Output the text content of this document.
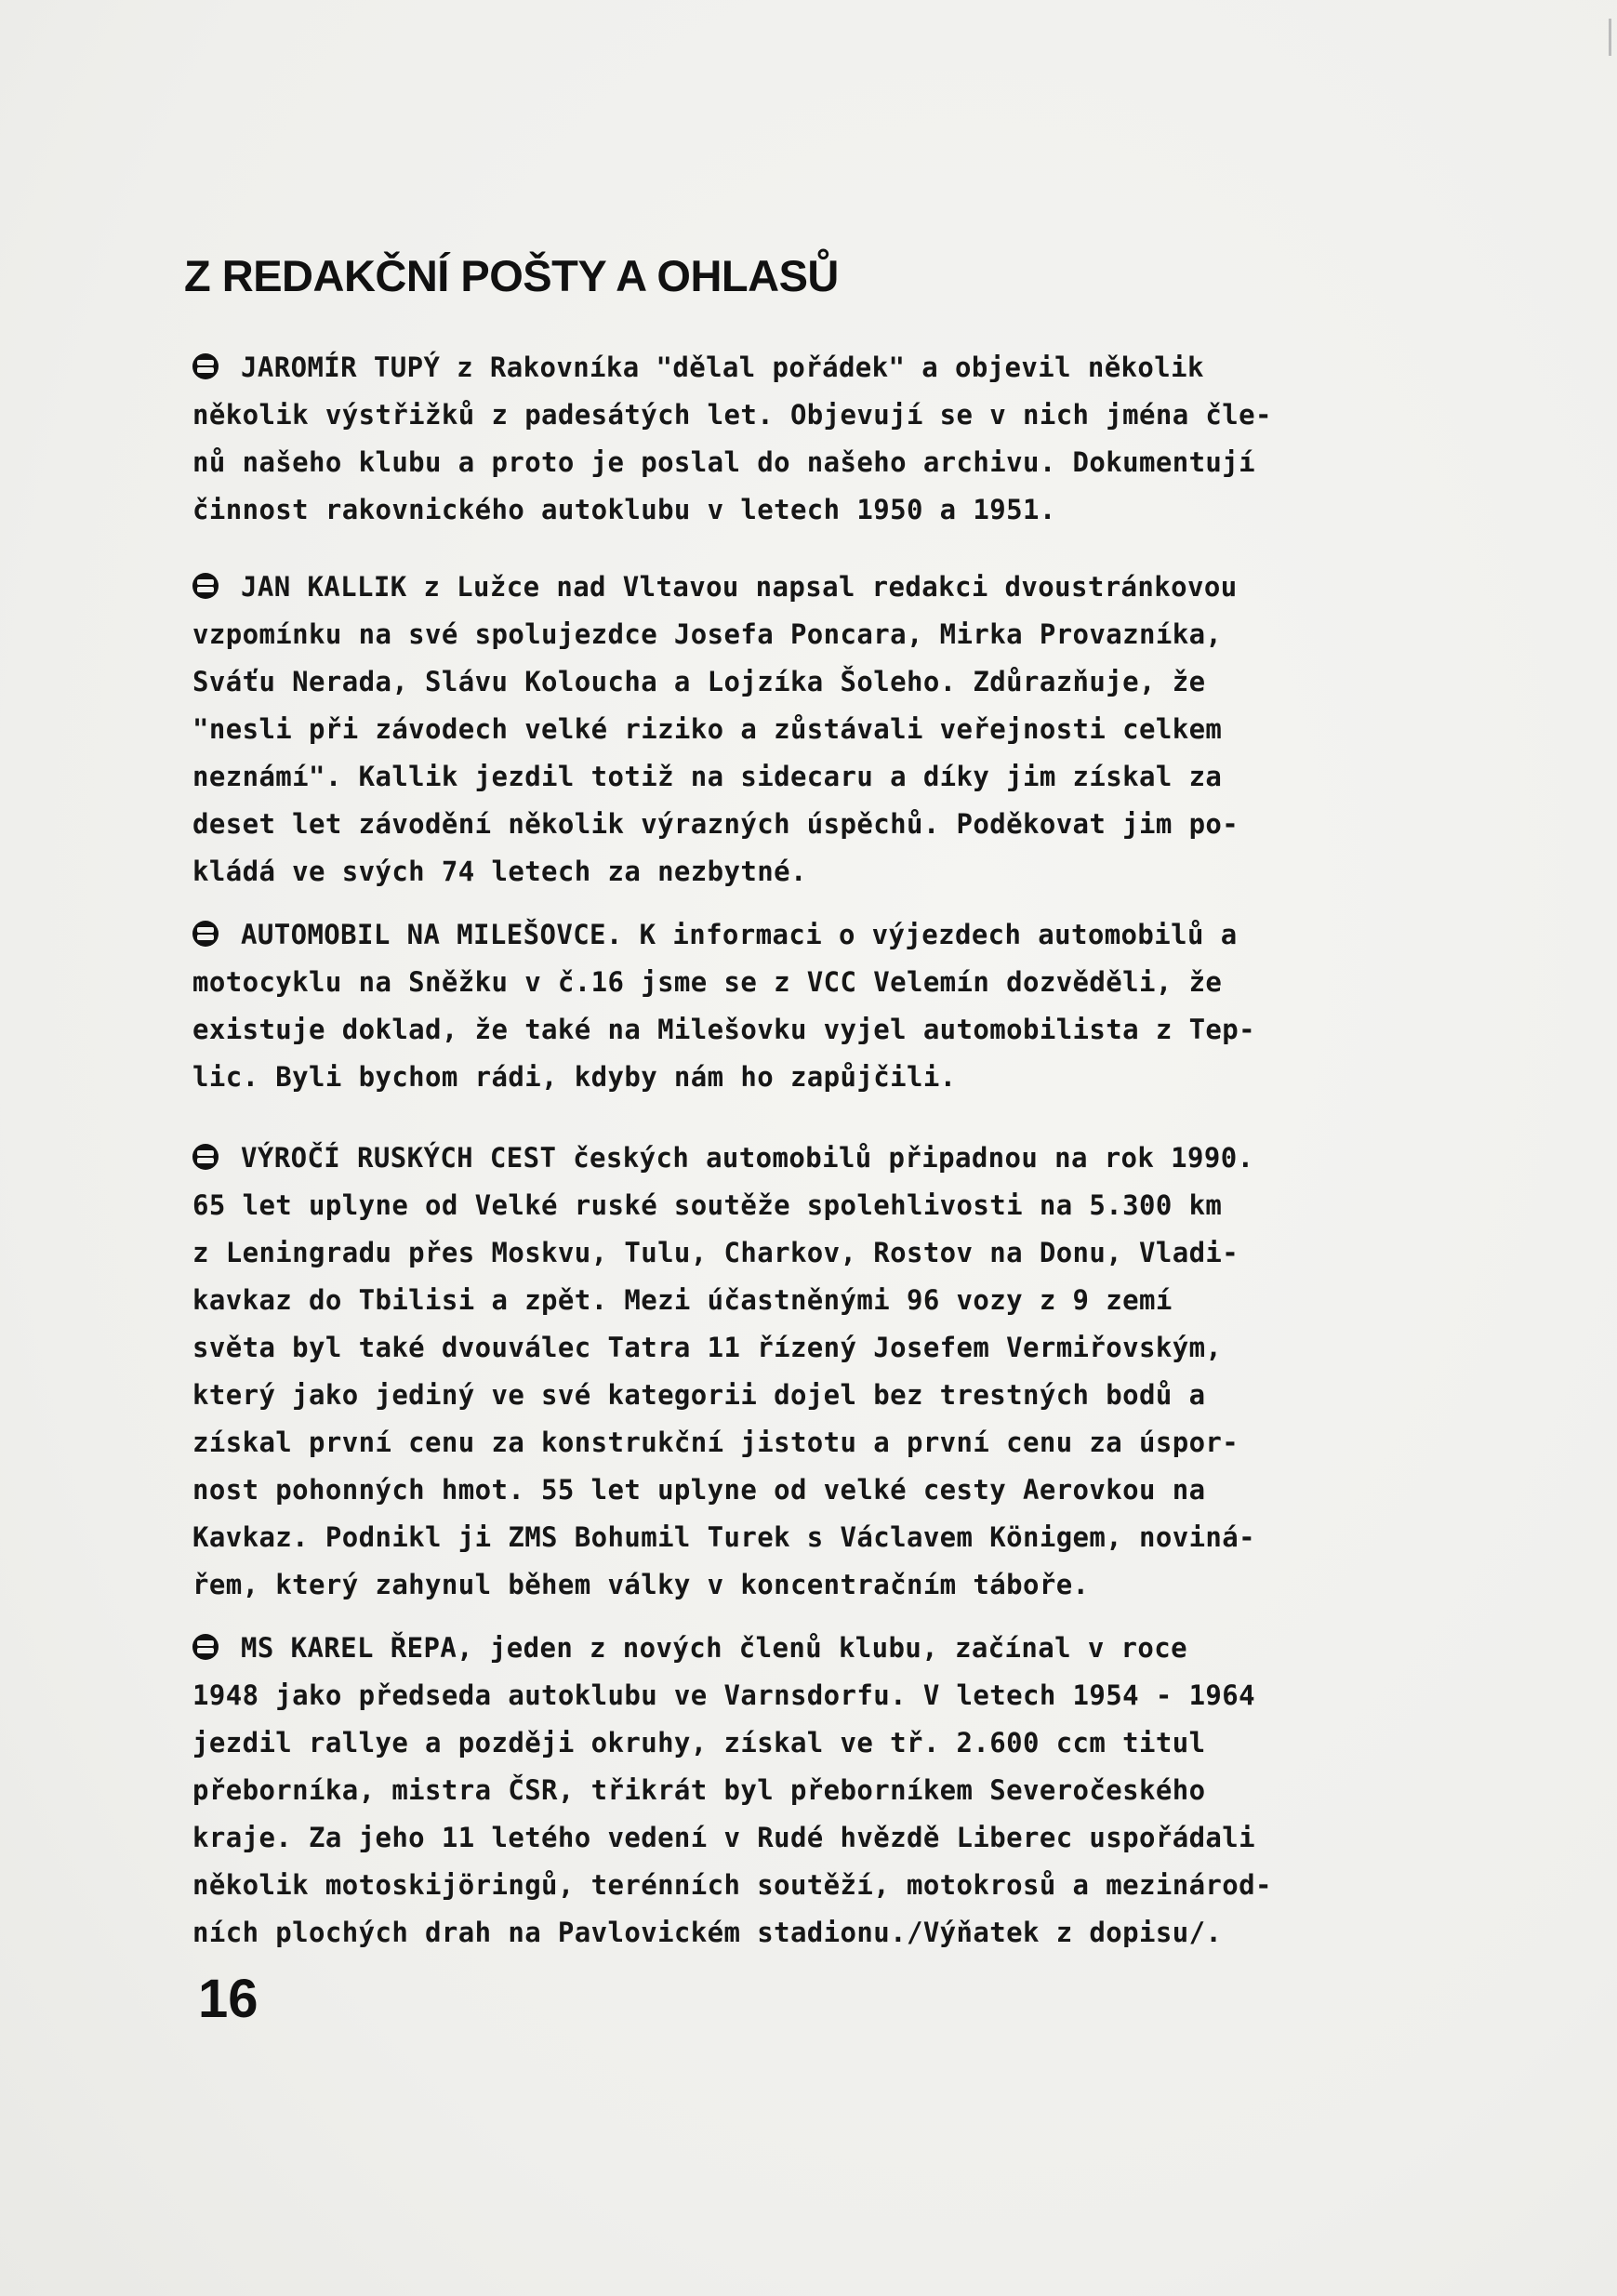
Z REDAKČNÍ POŠTY A OHLASŮ
JAROMÍR TUPÝ z Rakovníka "dělal pořádek" a objevil několik
několik výstřižků z padesátých let. Objevují se v nich jména čle-
nů našeho klubu a proto je poslal do našeho archivu. Dokumentují
činnost rakovnického autoklubu v letech 1950 a 1951.
JAN KALLIK z Lužce nad Vltavou napsal redakci dvoustránkovou
vzpomínku na své spolujezdce Josefa Poncara, Mirka Provazníka,
Sváťu Nerada, Slávu Koloucha a Lojzíka Šoleho. Zdůrazňuje, že
"nesli při závodech velké riziko a zůstávali veřejnosti celkem
neznámí". Kallik jezdil totiž na sidecaru a díky jim získal za
deset let závodění několik výrazných úspěchů. Poděkovat jim po-
kládá ve svých 74 letech za nezbytné.
AUTOMOBIL NA MILEŠOVCE. K informaci o výjezdech automobilů a
motocyklu na Sněžku v č.16 jsme se z VCC Velemín dozvěděli, že
existuje doklad, že také na Milešovku vyjel automobilista z Tep-
lic. Byli bychom rádi, kdyby nám ho zapůjčili.
VÝROČÍ RUSKÝCH CEST českých automobilů připadnou na rok 1990.
65 let uplyne od Velké ruské soutěže spolehlivosti na 5.300 km
z Leningradu přes Moskvu, Tulu, Charkov, Rostov na Donu, Vladi-
kavkaz do Tbilisi a zpět. Mezi účastněnými 96 vozy z 9 zemí
světa byl také dvouválec Tatra 11 řízený Josefem Vermiřovským,
který jako jediný ve své kategorii dojel bez trestných bodů a
získal první cenu za konstrukční jistotu a první cenu za úspor-
nost pohonných hmot. 55 let uplyne od velké cesty Aerovkou na
Kavkaz. Podnikl ji ZMS Bohumil Turek s Václavem Königem, noviná-
řem, který zahynul během války v koncentračním táboře.
MS KAREL ŘEPA, jeden z nových členů klubu, začínal v roce
1948 jako předseda autoklubu ve Varnsdorfu. V letech 1954 - 1964
jezdil rallye a později okruhy, získal ve tř. 2.600 ccm titul
přeborníka, mistra ČSR, třikrát byl přeborníkem Severočeského
kraje. Za jeho 11 letého vedení v Rudé hvězdě Liberec uspořádali
několik motoskijöringů, terénních soutěží, motokrosů a mezinárod-
ních plochých drah na Pavlovickém stadionu./Výňatek z dopisu/.
16
